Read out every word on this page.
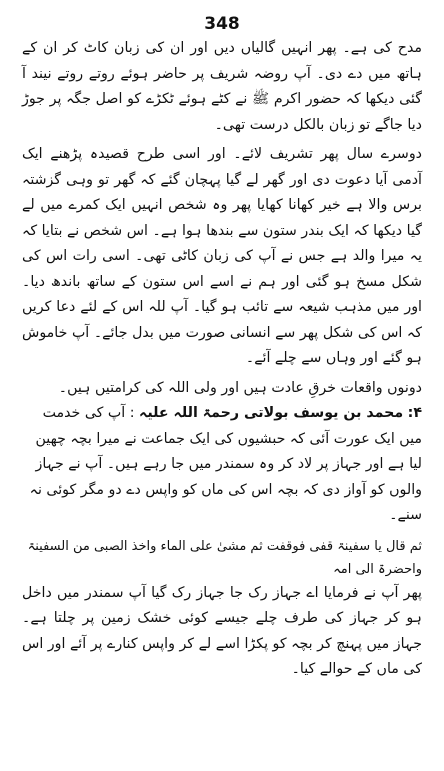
348

مدح کی ہے۔ پھر انہیں گالیاں دیں اور ان کی زبان کاٹ کر ان کے ہاتھ میں دے دی۔ آپ روضہ شریف پر حاضر ہوئے روتے روتے نیند آ گئی دیکھا کہ حضور اکرم ﷺ نے کٹے ہوئے ٹکڑے کو اصل جگہ پر جوڑ دیا جاگے تو زبان بالکل درست تھی۔

دوسرے سال پھر تشریف لائے۔ اور اسی طرح قصیدہ پڑھنے ایک آدمی آیا دعوت دی اور گھر لے گیا پہچان گئے کہ گھر تو وہی گزشتہ برس والا ہے خیر کھانا کھایا پھر وہ شخص انہیں ایک کمرے میں لے گیا دیکھا کہ ایک بندر ستون سے بندھا ہوا ہے۔ اس شخص نے بتایا کہ یہ میرا والد ہے جس نے آپ کی زبان کاٹی تھی۔ اسی رات اس کی شکل مسخ ہو گئی اور ہم نے اسے اس ستون کے ساتھ باندھ دیا۔ اور میں مذہب شیعہ سے تائب ہو گیا۔ آپ للہ اس کے لئے دعا کریں کہ اس کی شکل پھر سے انسانی صورت میں بدل جائے۔ آپ خاموش ہو گئے اور وہاں سے چلے آئے۔

دونوں واقعات خرقِ عادت ہیں اور ولی اللہ کی کرامتیں ہیں۔

۴: محمد بن یوسف بولاتی رحمۃ اللہ علیہ : آپ کی خدمت میں ایک عورت آئی کہ حبشیوں کی ایک جماعت نے میرا بچہ چھین لیا ہے اور جہاز پر لاد کر وہ سمندر میں جا رہے ہیں۔ آپ نے جہاز والوں کو آواز دی کہ بچہ اس کی ماں کو واپس دے دو مگر کوئی نہ سنے۔
ثم قال یا سفینۃ قفی فوقفت ثم مشیٰ علی الماء واخذ الصبی من السفینۃ واحضرۃ الی امہ

پھر آپ نے فرمایا اے جہاز رک جا جہاز رک گیا آپ سمندر میں داخل ہو کر جہاز کی طرف چلے جیسے کوئی خشک زمین پر چلتا ہے۔ جہاز میں پہنچ کر بچہ کو پکڑا اسے لے کر واپس کنارے پر آئے اور اس کی ماں کے حوالے کیا۔
